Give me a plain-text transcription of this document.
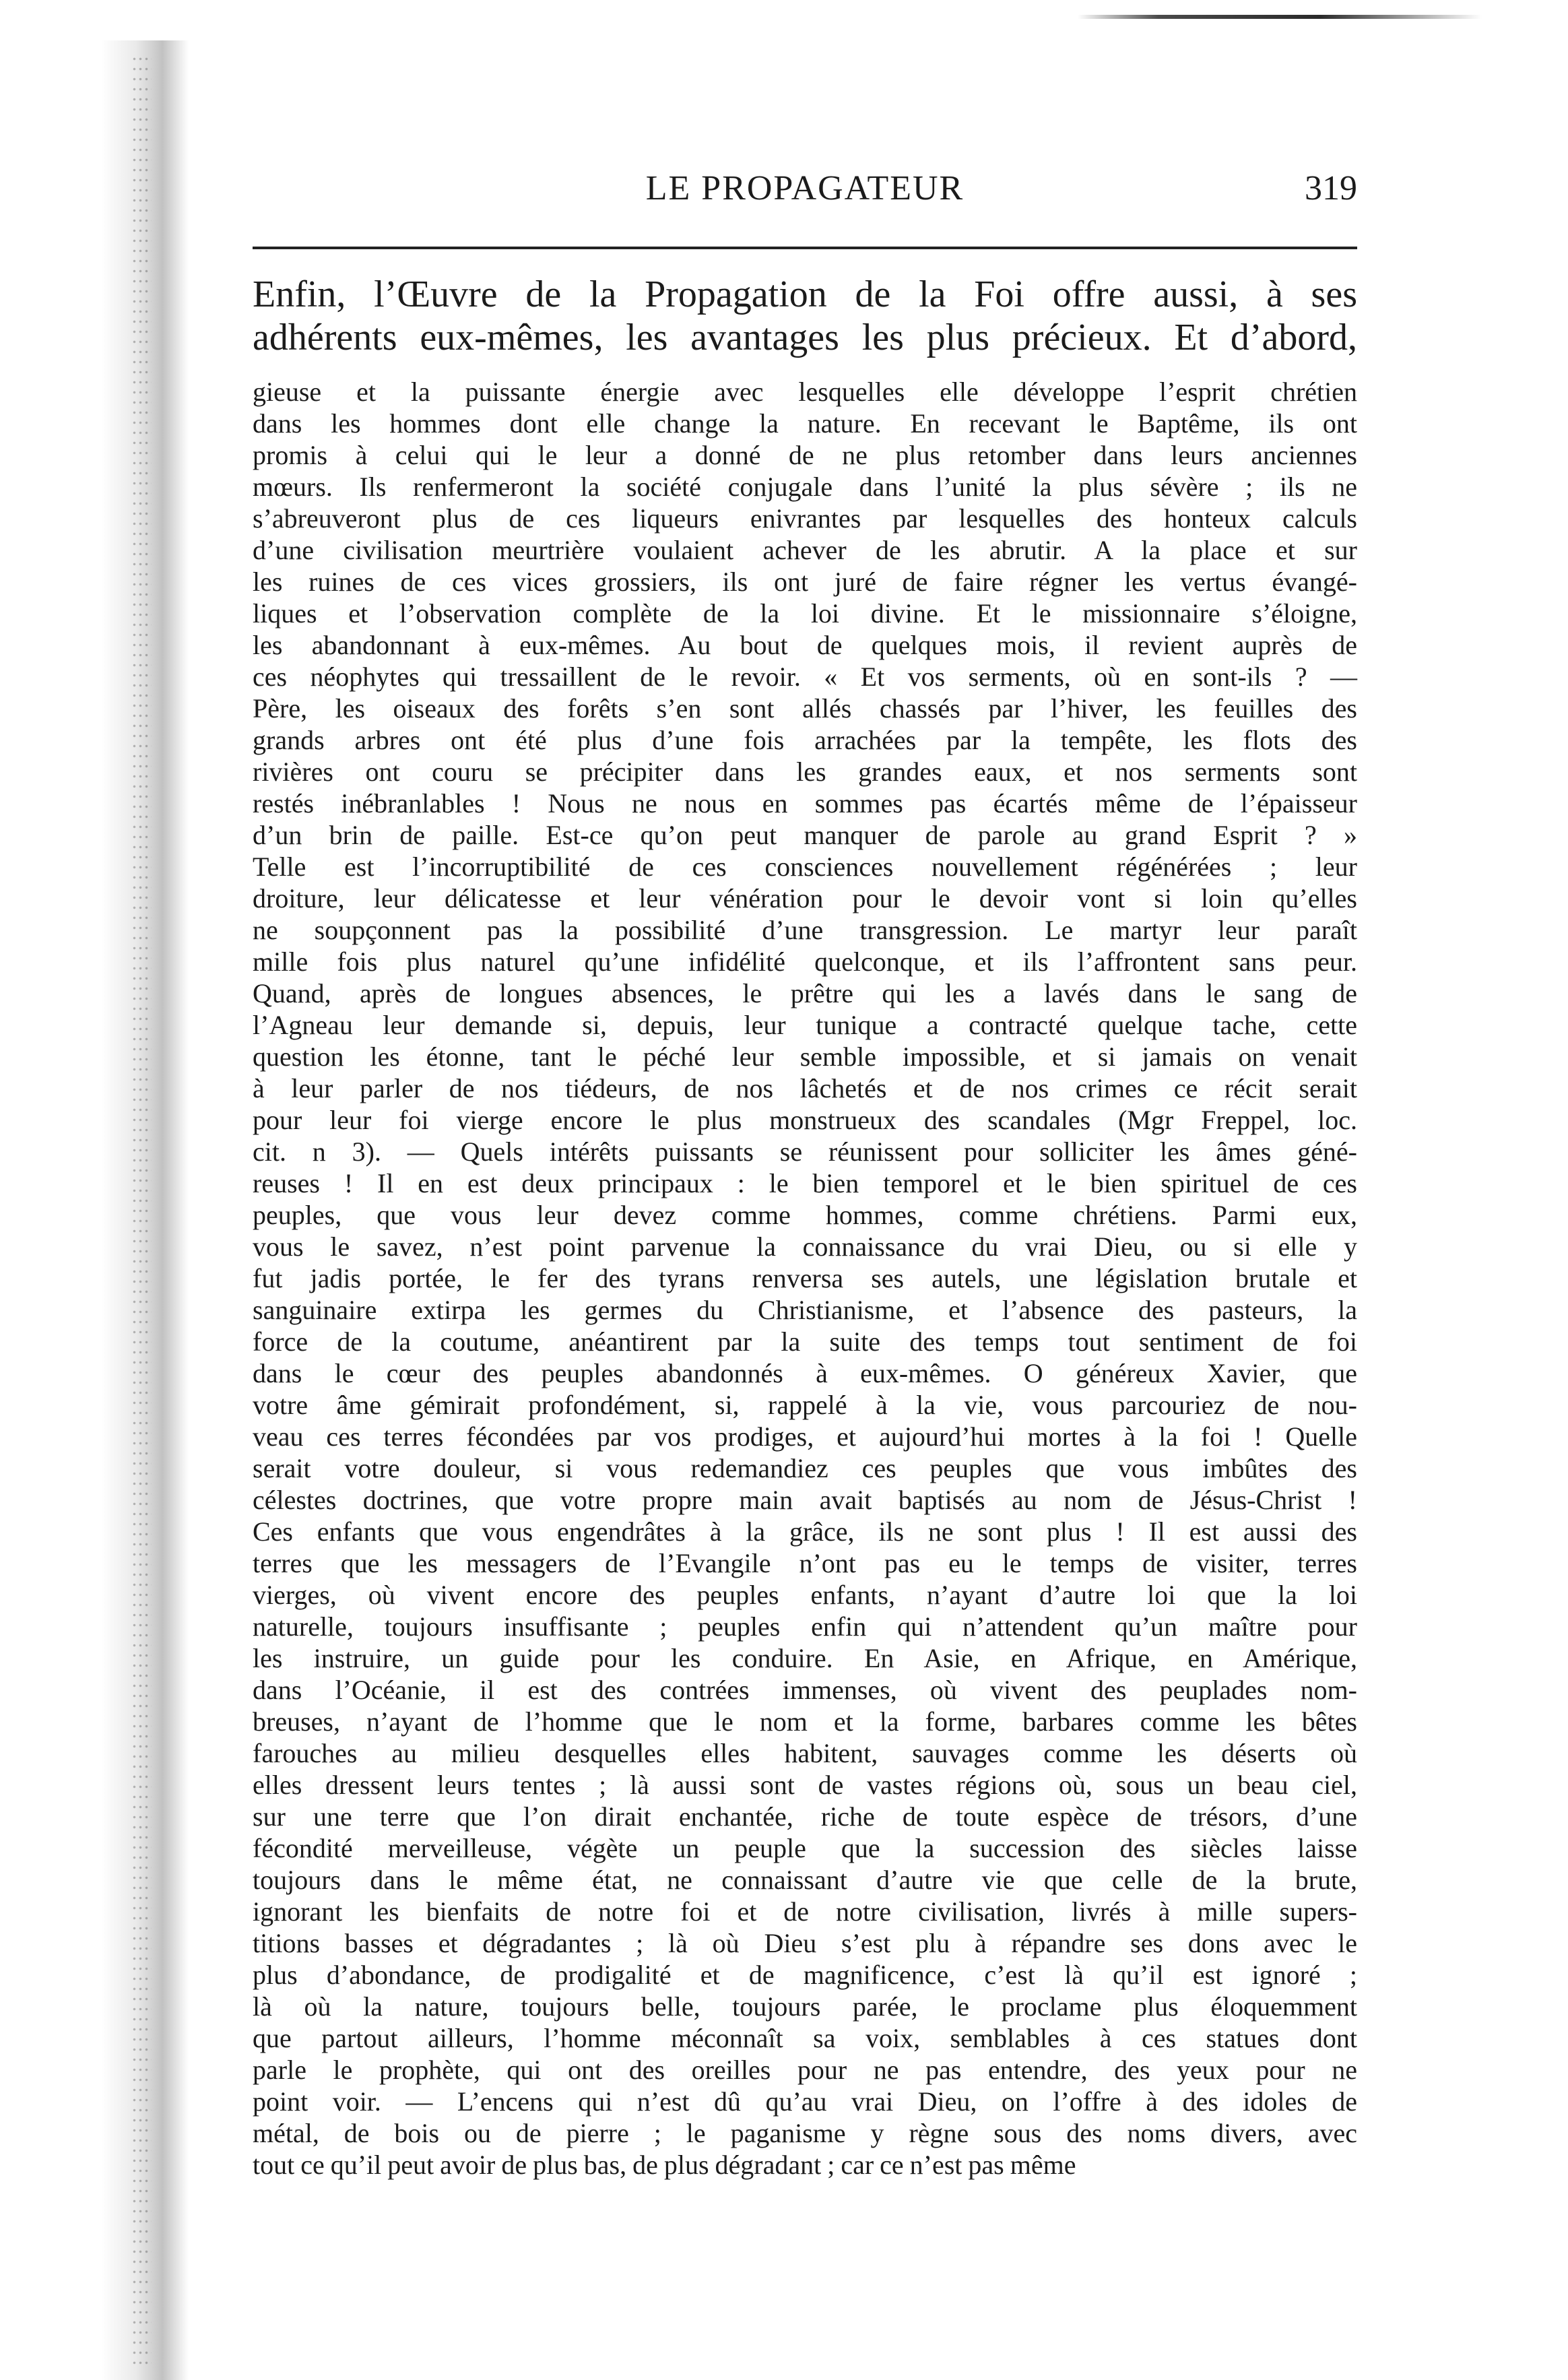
LE PROPAGATEUR	319
Enfin, l’Œuvre de la Propagation de la Foi offre aussi, à ses
adhérents eux-mêmes, les avantages les plus précieux. Et d’abord,
gieuse et la puissante énergie avec lesquelles elle développe l’esprit chrétien
dans les hommes dont elle change la nature. En recevant le Baptême, ils ont
promis à celui qui le leur a donné de ne plus retomber dans leurs anciennes
mœurs. Ils renfermeront la société conjugale dans l’unité la plus sévère ; ils ne
s’abreuveront plus de ces liqueurs enivrantes par lesquelles des honteux calculs
d’une civilisation meurtrière voulaient achever de les abrutir. A la place et sur
les ruines de ces vices grossiers, ils ont juré de faire régner les vertus évangé-
liques et l’observation complète de la loi divine. Et le missionnaire s’éloigne,
les abandonnant à eux-mêmes. Au bout de quelques mois, il revient auprès de
ces néophytes qui tressaillent de le revoir. « Et vos serments, où en sont-ils ? —
Père, les oiseaux des forêts s’en sont allés chassés par l’hiver, les feuilles des
grands arbres ont été plus d’une fois arrachées par la tempête, les flots des
rivières ont couru se précipiter dans les grandes eaux, et nos serments sont
restés inébranlables ! Nous ne nous en sommes pas écartés même de l’épaisseur
d’un brin de paille. Est-ce qu’on peut manquer de parole au grand Esprit ? »
Telle est l’incorruptibilité de ces consciences nouvellement régénérées ; leur
droiture, leur délicatesse et leur vénération pour le devoir vont si loin qu’elles
ne soupçonnent pas la possibilité d’une transgression. Le martyr leur paraît
mille fois plus naturel qu’une infidélité quelconque, et ils l’affrontent sans peur.
Quand, après de longues absences, le prêtre qui les a lavés dans le sang de
l’Agneau leur demande si, depuis, leur tunique a contracté quelque tache, cette
question les étonne, tant le péché leur semble impossible, et si jamais on venait
à leur parler de nos tiédeurs, de nos lâchetés et de nos crimes ce récit serait
pour leur foi vierge encore le plus monstrueux des scandales (Mgr Freppel, loc.
cit. n 3). — Quels intérêts puissants se réunissent pour solliciter les âmes géné-
reuses ! Il en est deux principaux : le bien temporel et le bien spirituel de ces
peuples, que vous leur devez comme hommes, comme chrétiens. Parmi eux,
vous le savez, n’est point parvenue la connaissance du vrai Dieu, ou si elle y
fut jadis portée, le fer des tyrans renversa ses autels, une législation brutale et
sanguinaire extirpa les germes du Christianisme, et l’absence des pasteurs, la
force de la coutume, anéantirent par la suite des temps tout sentiment de foi
dans le cœur des peuples abandonnés à eux-mêmes. O généreux Xavier, que
votre âme gémirait profondément, si, rappelé à la vie, vous parcouriez de nou-
veau ces terres fécondées par vos prodiges, et aujourd’hui mortes à la foi ! Quelle
serait votre douleur, si vous redemandiez ces peuples que vous imbûtes des
célestes doctrines, que votre propre main avait baptisés au nom de Jésus-Christ !
Ces enfants que vous engendrâtes à la grâce, ils ne sont plus ! Il est aussi des
terres que les messagers de l’Evangile n’ont pas eu le temps de visiter, terres
vierges, où vivent encore des peuples enfants, n’ayant d’autre loi que la loi
naturelle, toujours insuffisante ; peuples enfin qui n’attendent qu’un maître pour
les instruire, un guide pour les conduire. En Asie, en Afrique, en Amérique,
dans l’Océanie, il est des contrées immenses, où vivent des peuplades nom-
breuses, n’ayant de l’homme que le nom et la forme, barbares comme les bêtes
farouches au milieu desquelles elles habitent, sauvages comme les déserts où
elles dressent leurs tentes ; là aussi sont de vastes régions où, sous un beau ciel,
sur une terre que l’on dirait enchantée, riche de toute espèce de trésors, d’une
fécondité merveilleuse, végète un peuple que la succession des siècles laisse
toujours dans le même état, ne connaissant d’autre vie que celle de la brute,
ignorant les bienfaits de notre foi et de notre civilisation, livrés à mille supers-
titions basses et dégradantes ; là où Dieu s’est plu à répandre ses dons avec le
plus d’abondance, de prodigalité et de magnificence, c’est là qu’il est ignoré ;
là où la nature, toujours belle, toujours parée, le proclame plus éloquemment
que partout ailleurs, l’homme méconnaît sa voix, semblables à ces statues dont
parle le prophète, qui ont des oreilles pour ne pas entendre, des yeux pour ne
point voir. — L’encens qui n’est dû qu’au vrai Dieu, on l’offre à des idoles de
métal, de bois ou de pierre ; le paganisme y règne sous des noms divers, avec
tout ce qu’il peut avoir de plus bas, de plus dégradant ; car ce n’est pas même
